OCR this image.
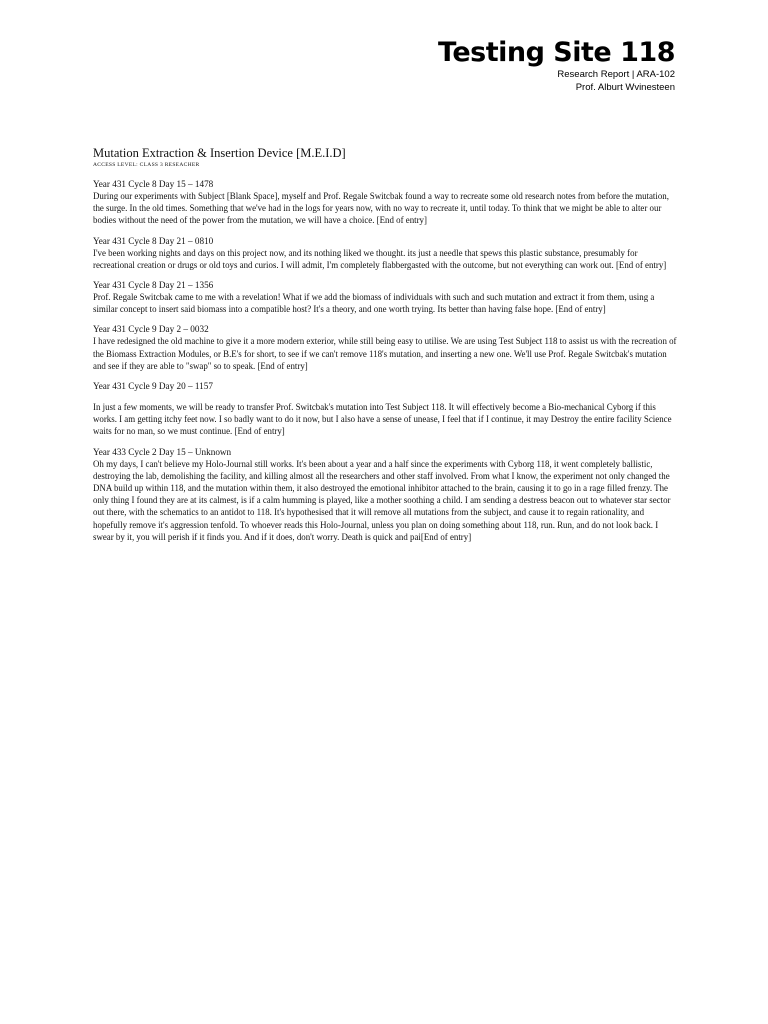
Testing Site 118
Research Report | ARA-102
Prof. Alburt Wvinesteen
Mutation Extraction & Insertion Device [M.E.I.D]
ACCESS LEVEL: CLASS 3 RESEACHER
Year 431 Cycle 8 Day 15 – 1478
During our experiments with Subject [Blank Space], myself and Prof. Regale Switcbak found a way to recreate some old research notes from before the mutation, the surge. In the old times. Something that we've had in the logs for years now, with no way to recreate it, until today. To think that we might be able to alter our bodies without the need of the power from the mutation, we will have a choice. [End of entry]
Year 431 Cycle 8 Day 21 – 0810
I've been working nights and days on this project now, and its nothing liked we thought. its just a needle that spews this plastic substance, presumably for recreational creation or drugs or old toys and curios. I will admit, I'm completely flabbergasted with the outcome, but not everything can work out. [End of entry]
Year 431 Cycle 8 Day 21 – 1356
Prof. Regale Switcbak came to me with a revelation! What if we add the biomass of individuals with such and such mutation and extract it from them, using a similar concept to insert said biomass into a compatible host? It's a theory, and one worth trying. Its better than having false hope. [End of entry]
Year 431 Cycle 9 Day 2 – 0032
I have redesigned the old machine to give it a more modern exterior, while still being easy to utilise. We are using Test Subject 118 to assist us with the recreation of the Biomass Extraction Modules, or B.E's for short, to see if we can't remove 118's mutation, and inserting a new one. We'll use Prof. Regale Switcbak's mutation and see if they are able to "swap" so to speak. [End of entry]
Year 431 Cycle 9 Day 20 – 1157
In just a few moments, we will be ready to transfer Prof. Switcbak's mutation into Test Subject 118. It will effectively become a Bio-mechanical Cyborg if this works. I am getting itchy feet now. I so badly want to do it now, but I also have a sense of unease, I feel that if I continue, it may Destroy the entire facility Science waits for no man, so we must continue. [End of entry]
Year 433 Cycle 2 Day 15 – Unknown
Oh my days, I can't believe my Holo-Journal still works. It's been about a year and a half since the experiments with Cyborg 118, it went completely ballistic, destroying the lab, demolishing the facility, and killing almost all the researchers and other staff involved. From what I know, the experiment not only changed the DNA build up within 118, and the mutation within them, it also destroyed the emotional inhibitor attached to the brain, causing it to go in a rage filled frenzy. The only thing I found they are at its calmest, is if a calm humming is played, like a mother soothing a child. I am sending a destress beacon out to whatever star sector out there, with the schematics to an antidot to 118. It's hypothesised that it will remove all mutations from the subject, and cause it to regain rationality, and hopefully remove it's aggression tenfold. To whoever reads this Holo-Journal, unless you plan on doing something about 118, run. Run, and do not look back. I swear by it, you will perish if it finds you. And if it does, don't worry. Death is quick and pai[End of entry]
